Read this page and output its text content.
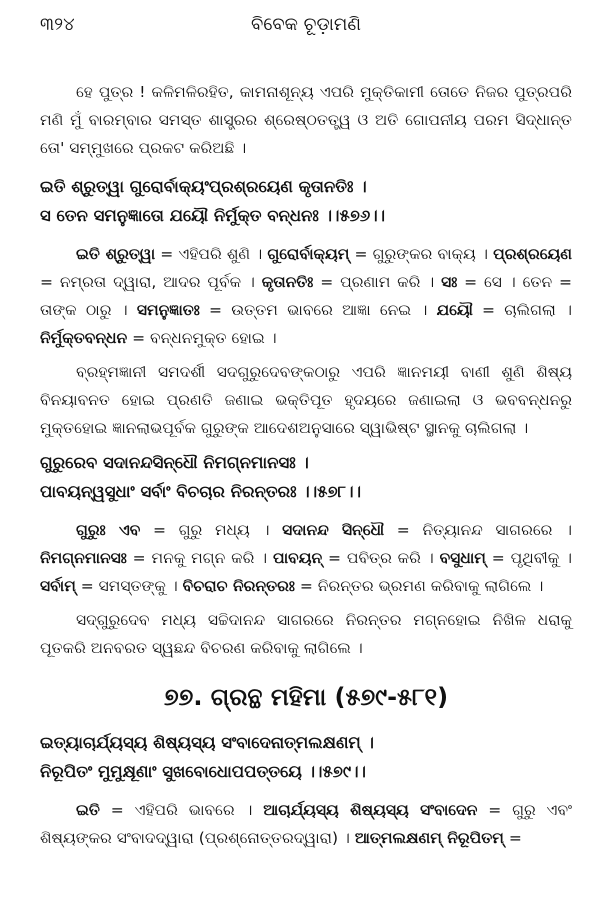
୩୨୪	ବିବେକ ଚୂଡ଼ାମଣି

ହେ ପୁତ୍ର ! କଳିମଳିରହିତ, କାମନାଶୂନ୍ୟ ଏପରି ମୁକ୍ତିକାମୀ ତୋତେ ନିଜର ପୁତ୍ରପରି ମଣି ମୁଁ ବାରମ୍ବାର ସମସ୍ତ ଶାସ୍ତ୍ରର ଶ୍ରେଷ୍ଠତତ୍ତ୍ୱ ଓ ଅତି ଗୋପନୀୟ ପରମ ସିଦ୍ଧାନ୍ତ ତୋ' ସମ୍ମୁଖରେ ପ୍ରକଟ କରିଅଛି ।

ଇତି ଶ୍ରୁତ୍ୱା ଗୁରୋର୍ବାକ୍ୟଂପ୍ରଶ୍ରୟେଣ କୃତାନତିଃ ।
ସ ତେନ ସମନୁଜ୍ଞାତୋ ଯୟୌ ନିର୍ମୁକ୍ତ ବନ୍ଧନଃ ।।୫୭୬।।

ଇତି ଶ୍ରୁତ୍ୱା = ଏହିପରି ଶୁଣି । ଗୁରୋର୍ବାକ୍ୟମ୍ = ଗୁରୁଙ୍କର ବାକ୍ୟ । ପ୍ରଶ୍ରୟେଣ = ନମ୍ରତା ଦ୍ୱାରା, ଆଦର ପୂର୍ବକ । କୃତାନତିଃ = ପ୍ରଣାମ କରି । ସଃ = ସେ । ତେନ = ତାଙ୍କ ଠାରୁ । ସମନୁଜ୍ଞାତଃ = ଉତ୍ତମ ଭାବରେ ଆଜ୍ଞା ନେଇ । ଯୟୌ = ଚାଲିଗଲା । ନିର୍ମୁକ୍ତବନ୍ଧନ = ବନ୍ଧନମୁକ୍ତ ହୋଇ ।

ବ୍ରହ୍ମଜ୍ଞାନୀ ସମଦର୍ଶୀ ସଦଗୁରୁଦେବଙ୍କଠାରୁ ଏପରି ଜ୍ଞାନମୟୀ ବାଣୀ ଶୁଣି ଶିଷ୍ୟ ବିନୟାବନତ ହୋଇ ପ୍ରଣତି ଜଣାଇ ଭକ୍ତିପୂତ ହୃଦୟରେ ଜଣାଇଲା ଓ ଭବବନ୍ଧନରୁ ମୁକ୍ତହୋଇ ଜ୍ଞାନଲାଭପୂର୍ବକ ଗୁରୁଙ୍କ ଆଦେଶଅନୁସାରେ ସ୍ୱାଭିଷ୍ଟ ସ୍ଥାନକୁ ଚାଲିଗଲା ।

ଗୁରୁରେବ ସଦାନନ୍ଦସିନ୍ଧୌ ନିମଗ୍ନମାନସଃ ।
ପାବୟନ୍ୱସୁଧାଂ ସର୍ବାଂ ବିଚଚାର ନିରନ୍ତରଃ ।।୫୭୮।।

ଗୁରୁଃ ଏବ = ଗୁରୁ ମଧ୍ୟ । ସଦାନନ୍ଦ ସିନ୍ଧୌ = ନିତ୍ୟାନନ୍ଦ ସାଗରରେ । ନିମଗ୍ନମାନସଃ = ମନକୁ ମଗ୍ନ କରି । ପାବୟନ୍ = ପବିତ୍ର କରି । ବସୁଧାମ୍ = ପୃଥିବୀକୁ । ସର୍ବାମ୍ = ସମସ୍ତଙ୍କୁ । ବିଚରାଚ ନିରନ୍ତରଃ = ନିରନ୍ତର ଭ୍ରମଣ କରିବାକୁ ଲାଗିଲେ ।

ସଦ୍‌ଗୁରୁଦେବ ମଧ୍ୟ ସଚ୍ଚିଦାନନ୍ଦ ସାଗରରେ ନିରନ୍ତର ମଗ୍ନହୋଇ ନିଖିଳ ଧରାକୁ ପୂତକରି ଅନବରତ ସ୍ୱଛନ୍ଦ ବିଚରଣ କରିବାକୁ ଲାଗିଲେ ।

୭୭. ଗ୍ରନ୍ଥ ମହିମା (୫୭୯-୫୮୧)
ଇତ୍ୟାଚାର୍ଯ୍ୟସ୍ୟ ଶିଷ୍ୟସ୍ୟ ସଂବାଦେନାତ୍ମଲକ୍ଷଣମ୍ ।
ନିରୂପିତଂ ମୁମୁକ୍ଷୂଣାଂ ସୁଖବୋଧୋପପତ୍ତୟେ ।।୫୭୯।।

ଇତି = ଏହିପରି ଭାବରେ । ଆଚାର୍ଯ୍ୟସ୍ୟ ଶିଷ୍ୟସ୍ୟ ସଂବାଦେନ = ଗୁରୁ ଏବଂ ଶିଷ୍ୟଙ୍କର ସଂବାଦଦ୍ୱାରା (ପ୍ରଶ୍ନୋତ୍ତରଦ୍ୱାରା) । ଆତ୍ମଲକ୍ଷଣମ୍ ନିରୂପିତମ୍ =
